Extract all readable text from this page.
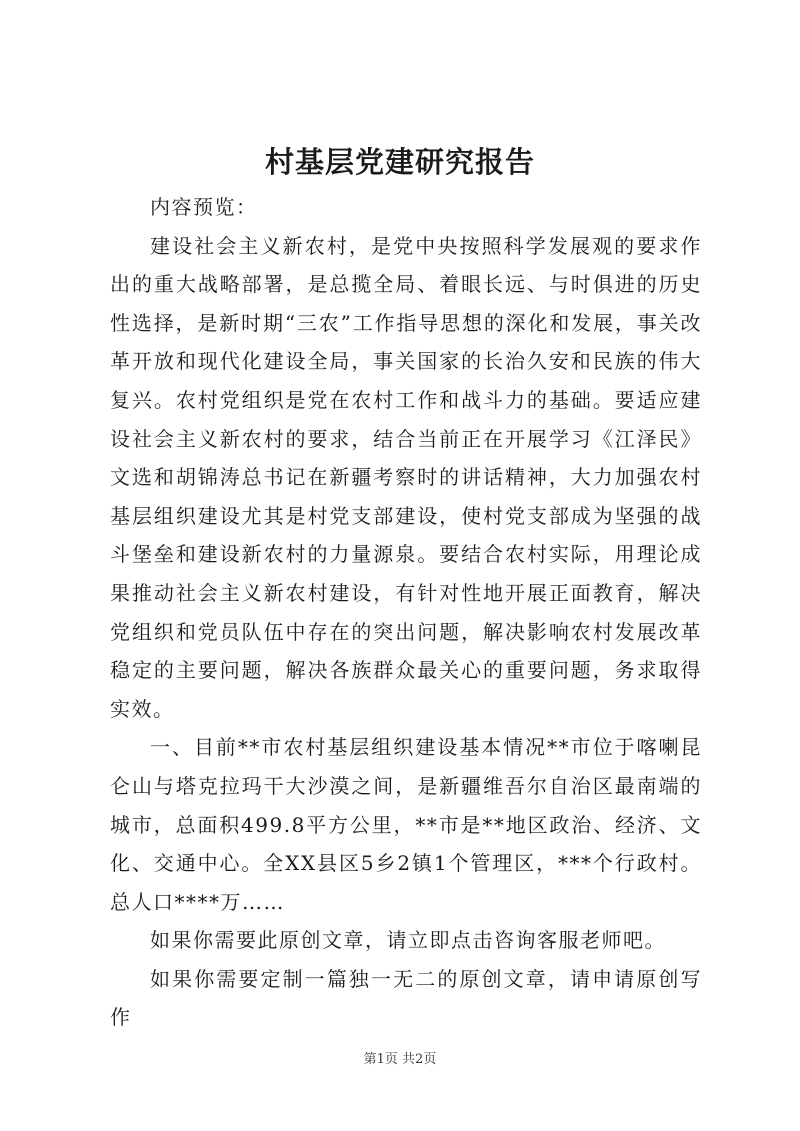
村基层党建研究报告

内容预览：

建设社会主义新农村，是党中央按照科学发展观的要求作出的重大战略部署，是总揽全局、着眼长远、与时俱进的历史性选择，是新时期“三农”工作指导思想的深化和发展，事关改革开放和现代化建设全局，事关国家的长治久安和民族的伟大复兴。农村党组织是党在农村工作和战斗力的基础。要适应建设社会主义新农村的要求，结合当前正在开展学习《江泽民》文选和胡锦涛总书记在新疆考察时的讲话精神，大力加强农村基层组织建设尤其是村党支部建设，使村党支部成为坚强的战斗堡垒和建设新农村的力量源泉。要结合农村实际，用理论成果推动社会主义新农村建设，有针对性地开展正面教育，解决党组织和党员队伍中存在的突出问题，解决影响农村发展改革稳定的主要问题，解决各族群众最关心的重要问题，务求取得实效。

一、目前**市农村基层组织建设基本情况**市位于喀喇昆仑山与塔克拉玛干大沙漠之间，是新疆维吾尔自治区最南端的城市，总面积499.8平方公里，**市是**地区政治、经济、文化、交通中心。全XX县区5乡2镇1个管理区，***个行政村。总人口****万……

如果你需要此原创文章，请立即点击咨询客服老师吧。

如果你需要定制一篇独一无二的原创文章，请申请原创写作

第1页 共2页
